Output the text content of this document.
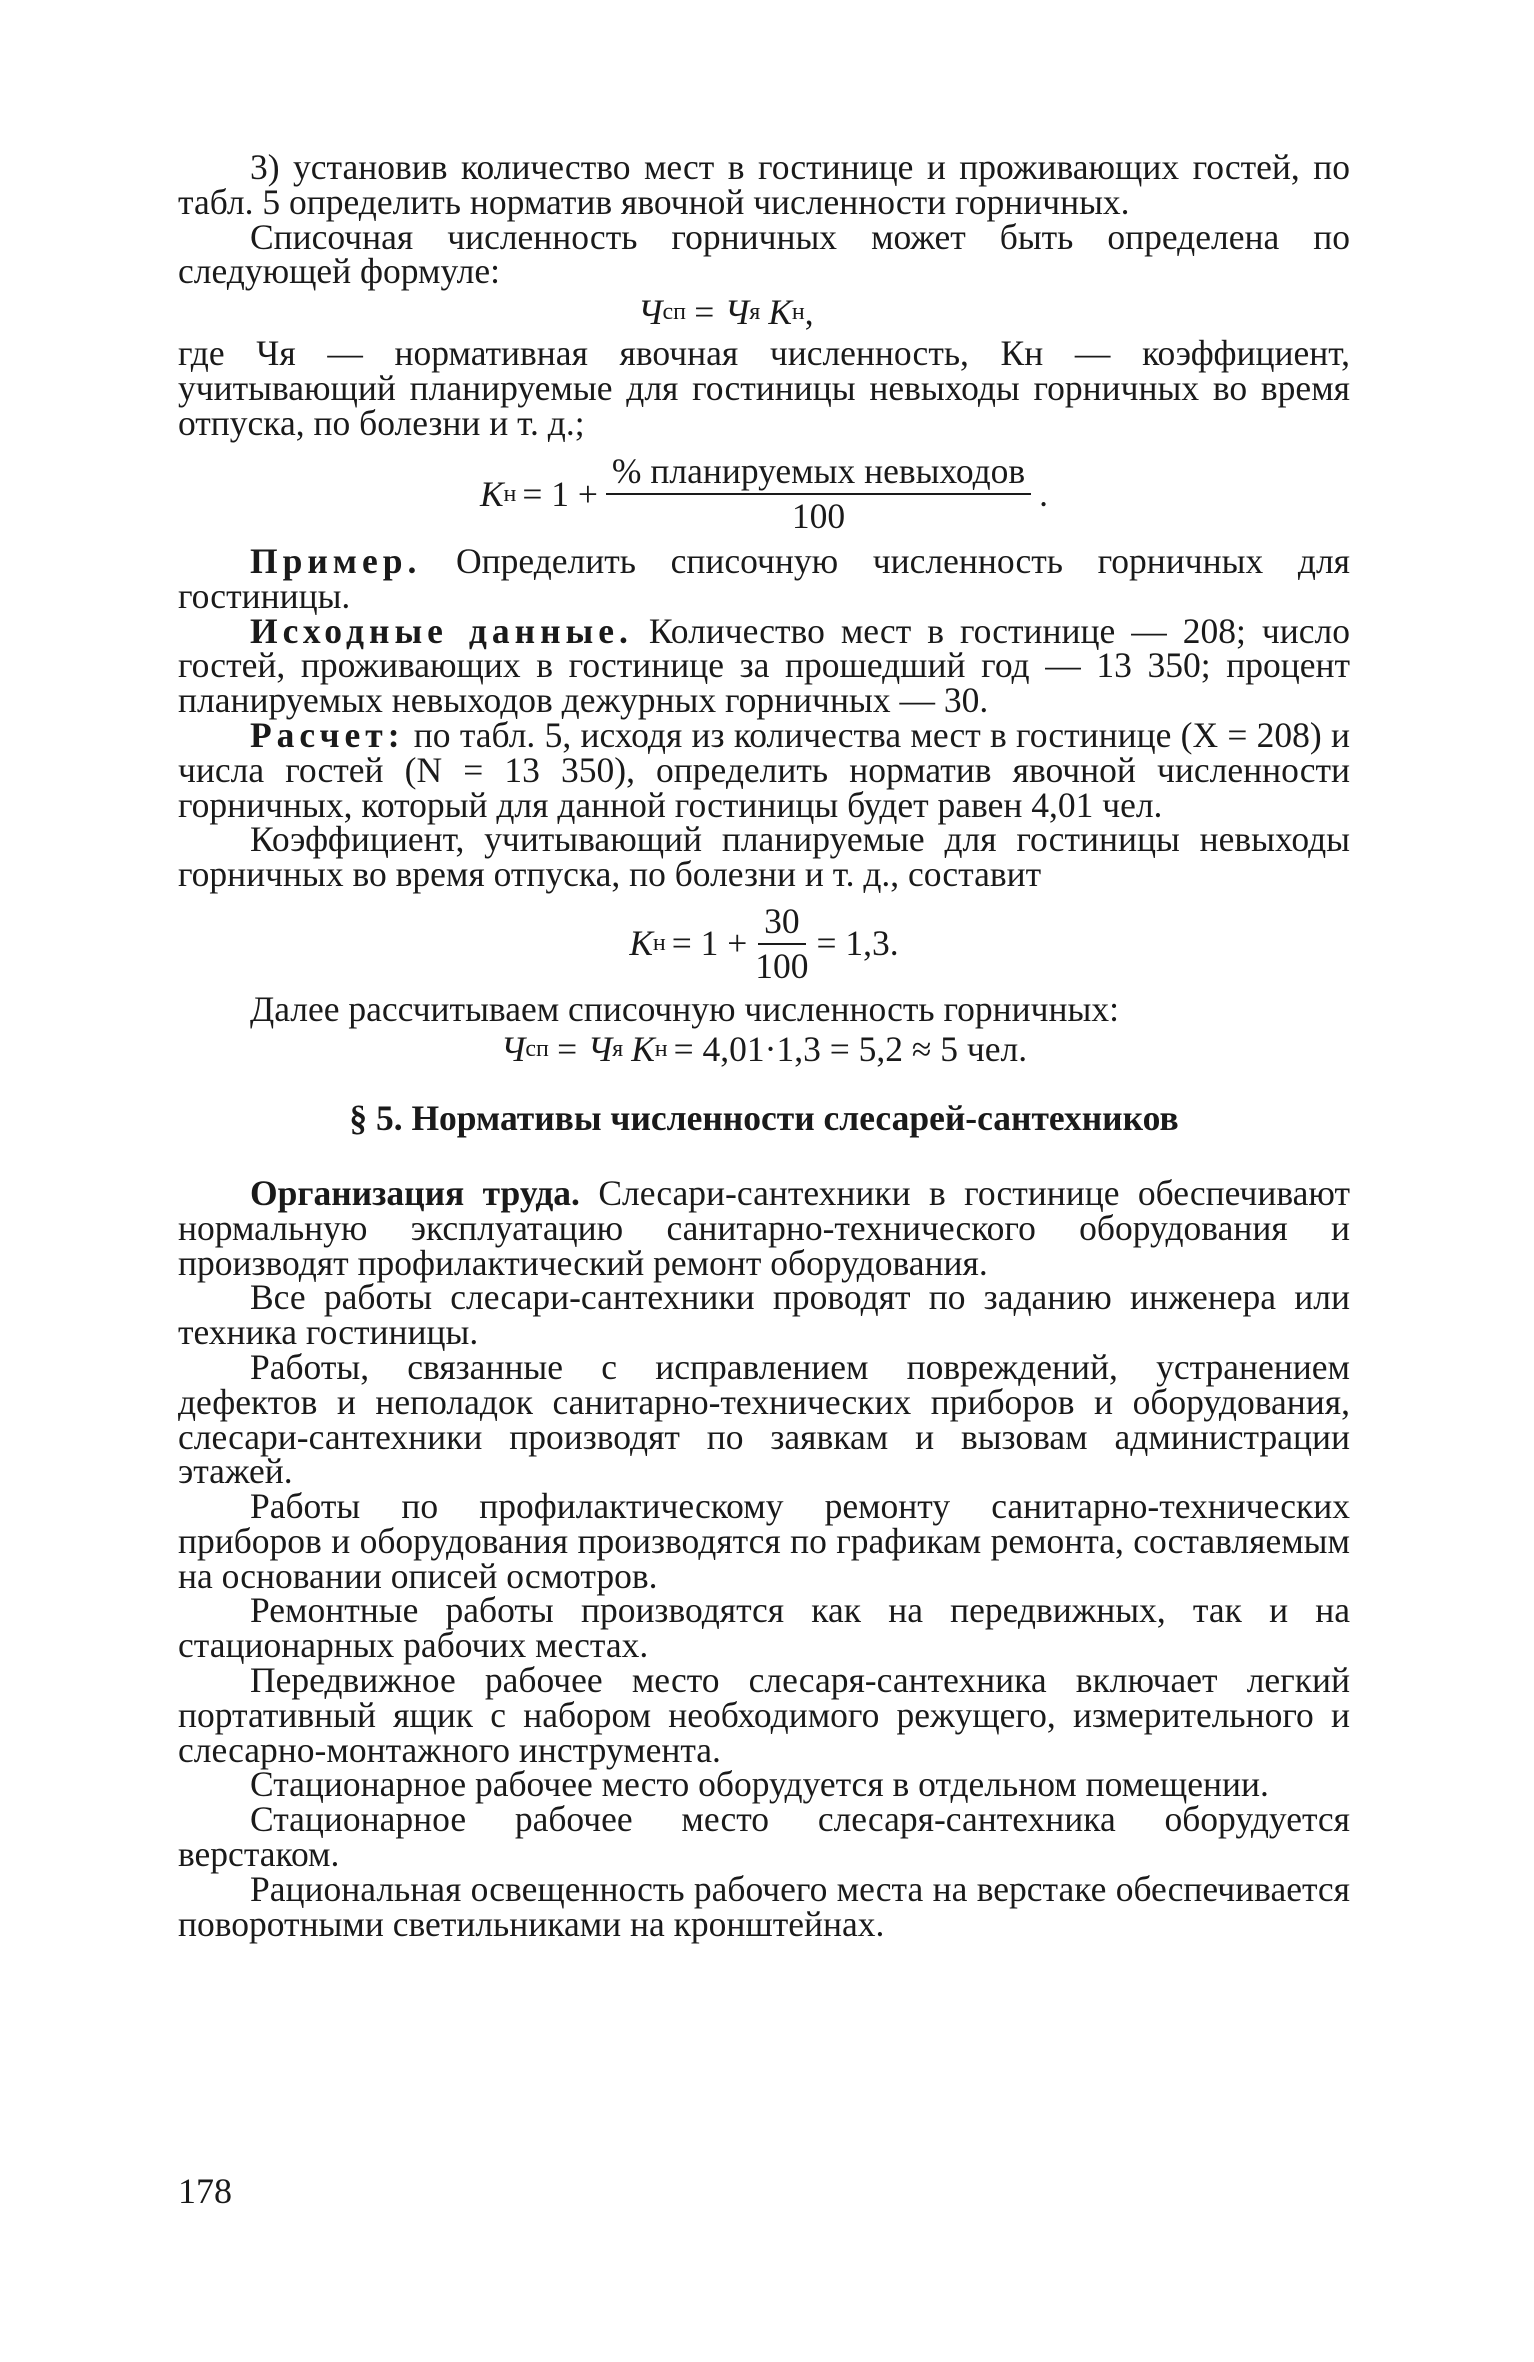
3) установив количество мест в гостинице и проживающих гостей, по табл. 5 определить норматив явочной численности горничных.

Списочная численность горничных может быть определена по следующей формуле:

Ч сп = Ч я К н ,

где Чя — нормативная явочная численность, Кн — коэффициент, учитывающий планируемые для гостиницы невыходы горничных во время отпуска, по болезни и т. д.;

К $н = 1 + \frac{\text{\% планируемых невыходов}}{100}$ .

Пример. Определить списочную численность горничных для гостиницы.

Исходные данные. Количество мест в гостинице — 208; число гостей, проживающих в гостинице за прошедший год — 13 350; процент планируемых невыходов дежурных горничных — 30.

Расчет: по табл. 5, исходя из количества мест в гостинице (X = 208) и числа гостей (N = 13 350), определить норматив явочной численности горничных, который для данной гостиницы будет равен 4,01 чел.

Коэффициент, учитывающий планируемые для гостиницы невыходы горничных во время отпуска, по болезни и т. д., составит

К $н = 1 + \frac{30}{100} = 1,3$.

Далее рассчитываем списочную численность горничных:

Ч сп = Ч я К н = 4,01·1,3 = 5,2 ≈ 5 чел.

§ 5. Нормативы численности слесарей-сантехников

Организация труда. Слесари-сантехники в гостинице обеспечивают нормальную эксплуатацию санитарно-технического оборудования и производят профилактический ремонт оборудования.

Все работы слесари-сантехники проводят по заданию инженера или техника гостиницы.

Работы, связанные с исправлением повреждений, устранением дефектов и неполадок санитарно-технических приборов и оборудования, слесари-сантехники производят по заявкам и вызовам администрации этажей.

Работы по профилактическому ремонту санитарно-технических приборов и оборудования производятся по графикам ремонта, составляемым на основании описей осмотров.

Ремонтные работы производятся как на передвижных, так и на стационарных рабочих местах.

Передвижное рабочее место слесаря-сантехника включает легкий портативный ящик с набором необходимого режущего, измерительного и слесарно-монтажного инструмента.

Стационарное рабочее место оборудуется в отдельном помещении.

Стационарное рабочее место слесаря-сантехника оборудуется верстаком.

Рациональная освещенность рабочего места на верстаке обеспечивается поворотными светильниками на кронштейнах.

178
